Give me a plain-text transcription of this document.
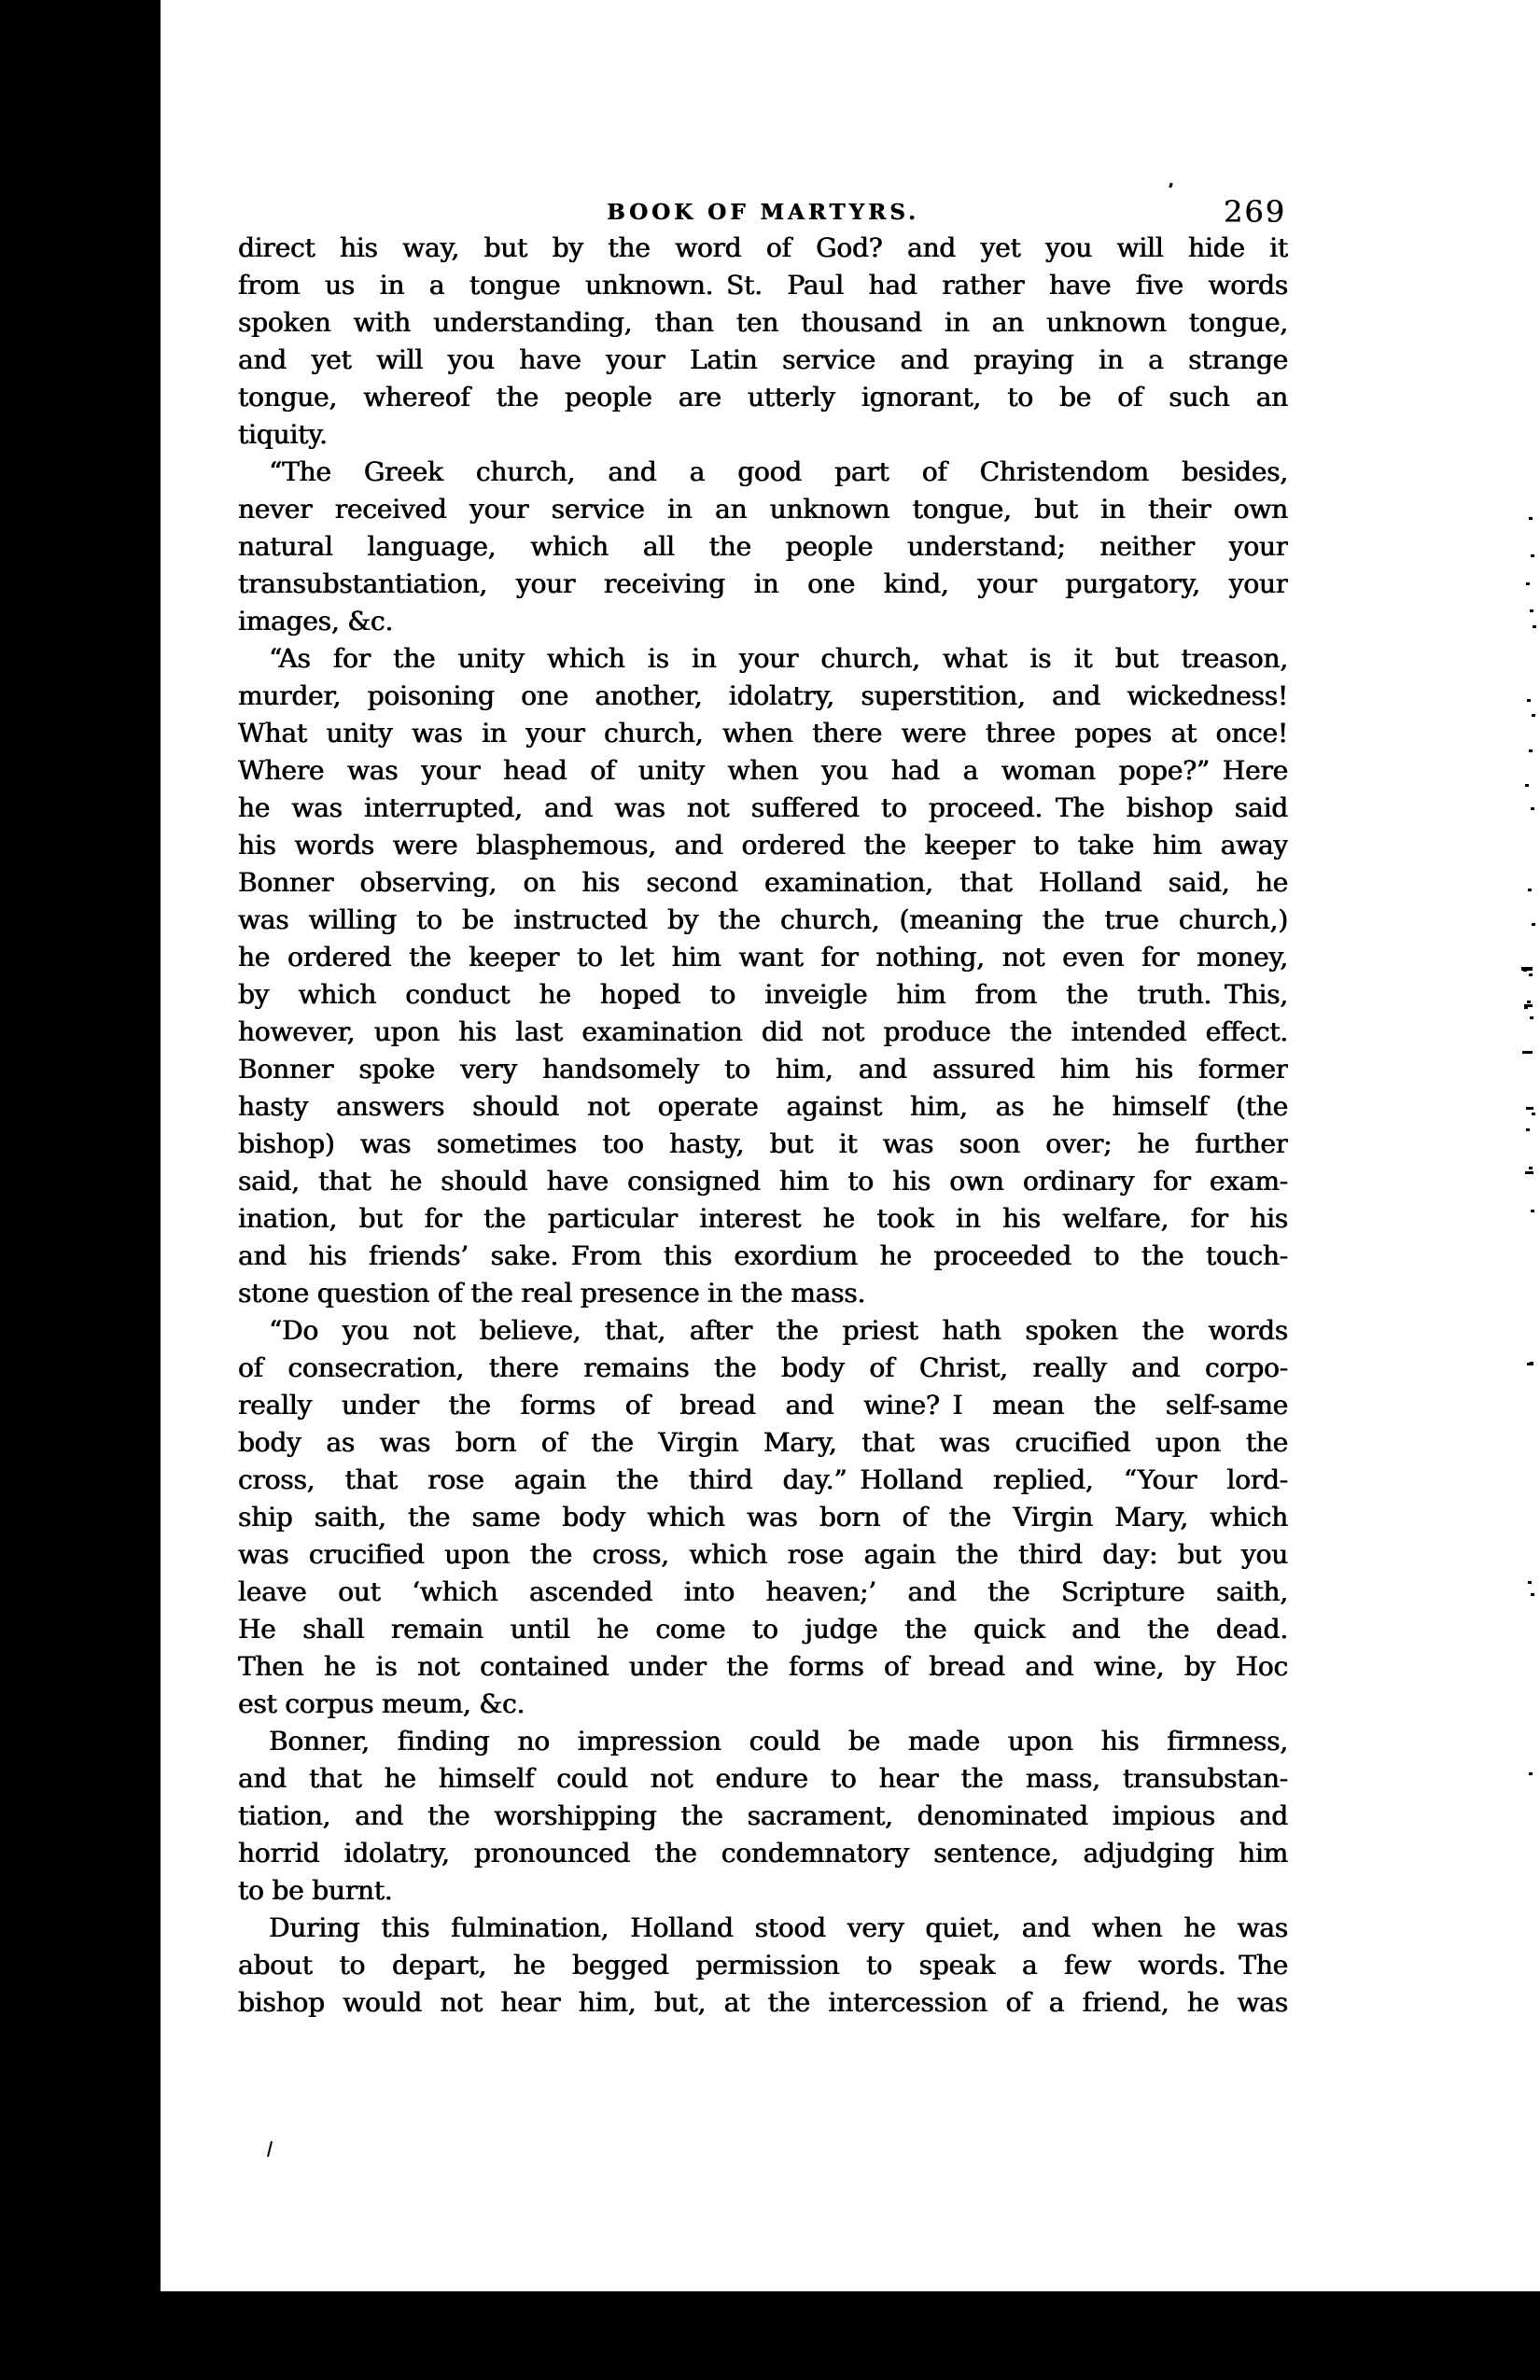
BOOK OF MARTYRS.	269
direct his way, but by the word of God? and yet you will hide it
from us in a tongue unknown. St. Paul had rather have five words
spoken with understanding, than ten thousand in an unknown tongue,
and yet will you have your Latin service and praying in a strange
tongue, whereof the people are utterly ignorant, to be of such an
tiquity.
“The Greek church, and a good part of Christendom besides,
never received your service in an unknown tongue, but in their own
natural language, which all the people understand; neither your
transubstantiation, your receiving in one kind, your purgatory, your
images, &c.
“As for the unity which is in your church, what is it but treason,
murder, poisoning one another, idolatry, superstition, and wickedness!
What unity was in your church, when there were three popes at once!
Where was your head of unity when you had a woman pope?” Here
he was interrupted, and was not suffered to proceed. The bishop said
his words were blasphemous, and ordered the keeper to take him away
Bonner observing, on his second examination, that Holland said, he
was willing to be instructed by the church, (meaning the true church,)
he ordered the keeper to let him want for nothing, not even for money,
by which conduct he hoped to inveigle him from the truth. This,
however, upon his last examination did not produce the intended effect.
Bonner spoke very handsomely to him, and assured him his former
hasty answers should not operate against him, as he himself (the
bishop) was sometimes too hasty, but it was soon over; he further
said, that he should have consigned him to his own ordinary for exam-
ination, but for the particular interest he took in his welfare, for his
and his friends’ sake. From this exordium he proceeded to the touch-
stone question of the real presence in the mass.
“Do you not believe, that, after the priest hath spoken the words
of consecration, there remains the body of Christ, really and corpo-
really under the forms of bread and wine? I mean the self-same
body as was born of the Virgin Mary, that was crucified upon the
cross, that rose again the third day.” Holland replied, “Your lord-
ship saith, the same body which was born of the Virgin Mary, which
was crucified upon the cross, which rose again the third day: but you
leave out ‘which ascended into heaven;’ and the Scripture saith,
He shall remain until he come to judge the quick and the dead.
Then he is not contained under the forms of bread and wine, by Hoc
est corpus meum, &c.
Bonner, finding no impression could be made upon his firmness,
and that he himself could not endure to hear the mass, transubstan-
tiation, and the worshipping the sacrament, denominated impious and
horrid idolatry, pronounced the condemnatory sentence, adjudging him
to be burnt.
During this fulmination, Holland stood very quiet, and when he was
about to depart, he begged permission to speak a few words. The
bishop would not hear him, but, at the intercession of a friend, he was
